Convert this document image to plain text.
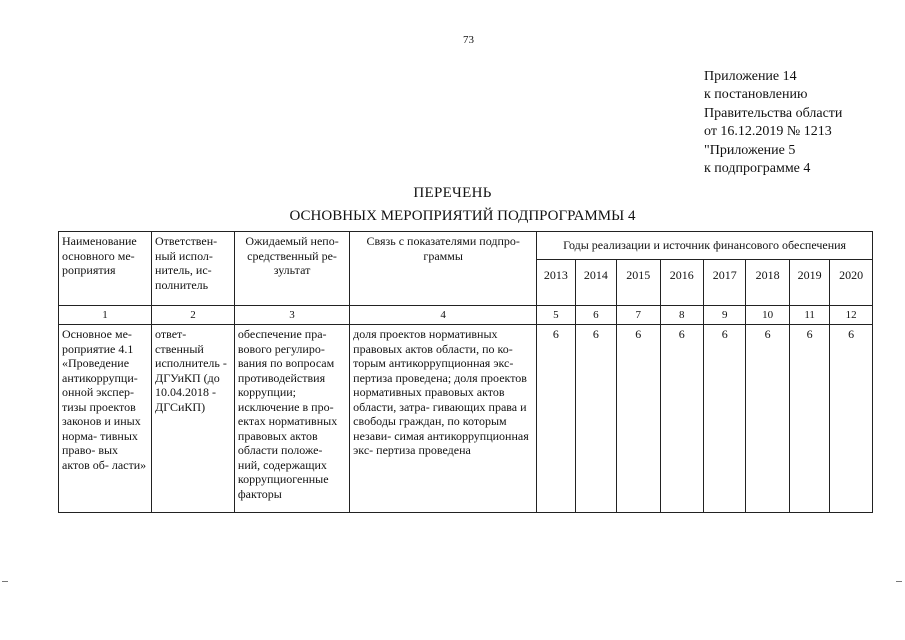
73
Приложение 14
к постановлению
Правительства области
от 16.12.2019 № 1213
"Приложение 5
к подпрограмме 4
ПЕРЕЧЕНЬ
ОСНОВНЫХ МЕРОПРИЯТИЙ ПОДПРОГРАММЫ 4
Наименование основного ме- роприятия	Ответствен- ный испол- нитель, ис- полнитель	Ожидаемый непо- средственный ре- зультат	Связь с показателями подпро- граммы	Годы реализации и источник финансового обеспечения							
				2013	2014	2015	2016	2017	2018	2019	2020
1	2	3	4	5	6	7	8	9	10	11	12
Основное ме- роприятие 4.1 «Проведение антикоррупци- онной экспер- тизы проектов законов и иных норма- тивных право- вых актов об- ласти»	ответ- ственный исполнитель - ДГУиКП (до 10.04.2018 - ДГСиКП)	обеспечение пра- вового регулиро- вания по вопросам противодействия коррупции; исключение в про- ектах нормативных правовых актов области положе- ний, содержащих коррупциогенные факторы	доля проектов нормативных правовых актов области, по ко- торым антикоррупционная экс- пертиза проведена; доля проектов нормативных правовых актов области, затра- гивающих права и свободы граждан, по которым незави- симая антикоррупционная экс- пертиза проведена	6	6	6	6	6	6	6	6
